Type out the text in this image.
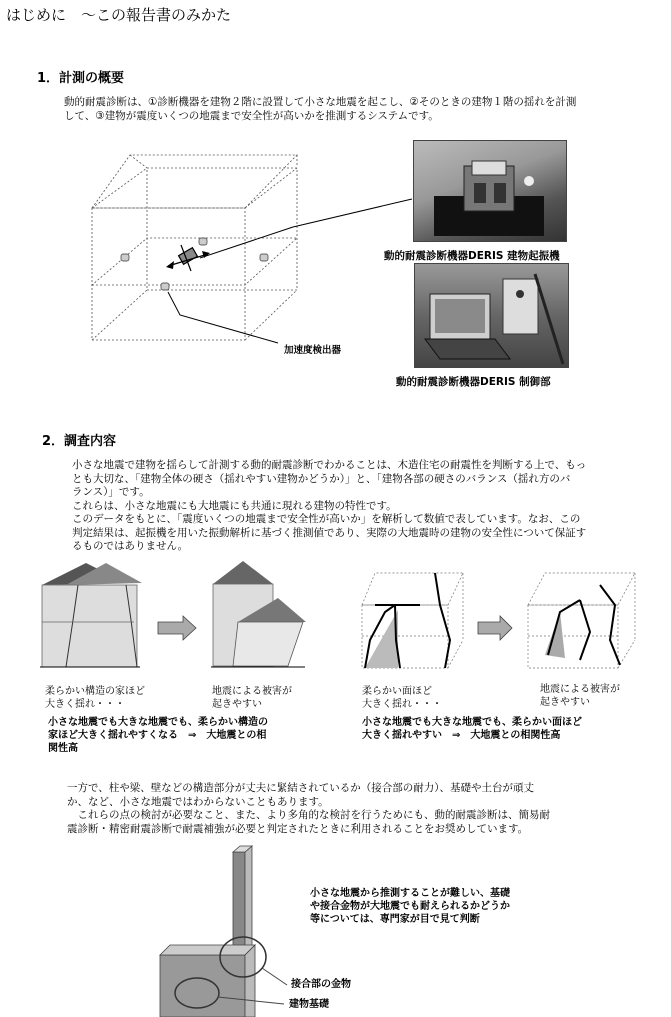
はじめに　～この報告書のみかた
1．計測の概要
動的耐震診断は、①診断機器を建物２階に設置して小さな地震を起こし、②そのときの建物１階の揺れを計測
して、③建物が震度いくつの地震まで安全性が高いかを推測するシステムです。
加速度検出器
動的耐震診断機器DERIS 建物起振機
動的耐震診断機器DERIS 制御部
2．調査内容
小さな地震で建物を揺らして計測する動的耐震診断でわかることは、木造住宅の耐震性を判断する上で、もっ
とも大切な、「建物全体の硬さ（揺れやすい建物かどうか）」と、「建物各部の硬さのバランス（揺れ方のバ
ランス）」です。
これらは、小さな地震にも大地震にも共通に現れる建物の特性です。
このデータをもとに、「震度いくつの地震まで安全性が高いか」を解析して数値で表しています。なお、この
判定結果は、起振機を用いた振動解析に基づく推測値であり、実際の大地震時の建物の安全性について保証す
るものではありません。
柔らかい構造の家ほど
大きく揺れ・・・
地震による被害が
起きやすい
小さな地震でも大きな地震でも、柔らかい構造の
家ほど大きく揺れやすくなる　⇒　大地震との相
関性高
柔らかい面ほど
大きく揺れ・・・
地震による被害が
起きやすい
小さな地震でも大きな地震でも、柔らかい面ほど
大きく揺れやすい　⇒　大地震との相関性高
一方で、柱や梁、壁などの構造部分が丈夫に緊結されているか（接合部の耐力）、基礎や土台が頑丈
か、など、小さな地震ではわからないこともあります。
　これらの点の検討が必要なこと、また、より多角的な検討を行うためにも、動的耐震診断は、簡易耐
震診断・精密耐震診断で耐震補強が必要と判定されたときに利用されることをお奨めしています。
小さな地震から推測することが難しい、基礎
や接合金物が大地震でも耐えられるかどうか
等については、専門家が目で見て判断
接合部の金物
建物基礎
